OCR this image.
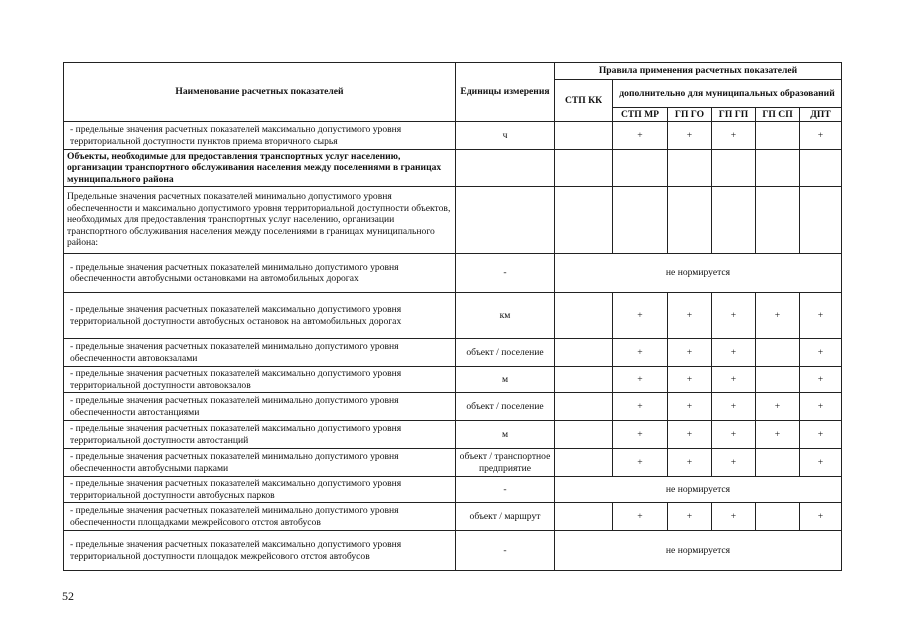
Наименование расчетных показателей	Единицы измерения	Правила применения расчетных показателей					
		СТП КК	дополнительно для муниципальных образований				
			СТП МР	ГП ГО	ГП ГП	ГП СП	ДПТ
- предельные значения расчетных показателей максимально допустимого уровня территориальной доступности пунктов приема вторичного сырья	ч		+	+	+		+
Объекты, необходимые для предоставления транспортных услуг населению, организации транспортного обслуживания населения между поселениями в границах муниципального района							
Предельные значения расчетных показателей минимально допустимого уровня обеспеченности и максимально допустимого уровня территориальной доступности объектов, необходимых для предоставления транспортных услуг населению, организации транспортного обслуживания населения между поселениями в границах муниципального района:							
- предельные значения расчетных показателей минимально допустимого уровня обеспеченности автобусными остановками на автомобильных дорогах	-	не нормируется					
- предельные значения расчетных показателей максимально допустимого уровня территориальной доступности автобусных остановок на автомобильных дорогах	км		+	+	+	+	+
- предельные значения расчетных показателей минимально допустимого уровня обеспеченности автовокзалами	объект / поселение		+	+	+		+
- предельные значения расчетных показателей максимально допустимого уровня территориальной доступности автовокзалов	м		+	+	+		+
- предельные значения расчетных показателей минимально допустимого уровня обеспеченности автостанциями	объект / поселение		+	+	+	+	+
- предельные значения расчетных показателей максимально допустимого уровня территориальной доступности автостанций	м		+	+	+	+	+
- предельные значения расчетных показателей минимально допустимого уровня обеспеченности автобусными парками	объект / транспортное предприятие		+	+	+		+
- предельные значения расчетных показателей максимально допустимого уровня территориальной доступности автобусных парков	-	не нормируется					
- предельные значения расчетных показателей минимально допустимого уровня обеспеченности площадками межрейсового отстоя автобусов	объект / маршрут		+	+	+		+
- предельные значения расчетных показателей максимально допустимого уровня территориальной доступности площадок межрейсового отстоя автобусов	-	не нормируется					
52
